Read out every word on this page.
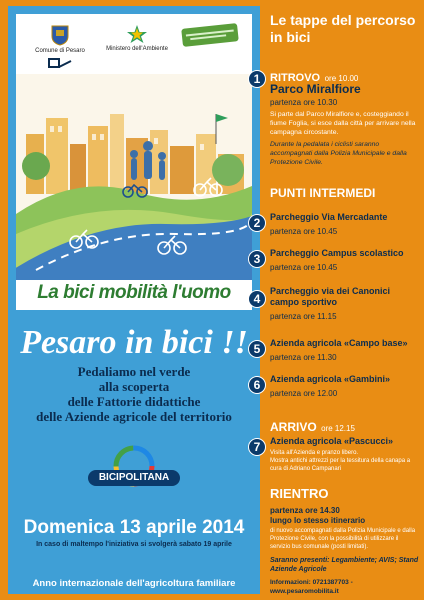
Comune di Pesaro	Ministero dell'Ambiente
La bici mobilità l'uomo
Pesaro in bici !!
Pedaliamo nel verde
alla scoperta
delle Fattorie didattiche
delle Aziende agricole del territorio
BICIPOLITANA
Domenica 13 aprile 2014
In caso di maltempo l'iniziativa si svolgerà sabato 19 aprile
Anno internazionale dell'agricoltura familiare
Le tappe del percorso in bici
1 RITROVO ore 10.00
Parco Miralfiore
partenza ore 10.30
Si parte dal Parco Miralfiore e, costeggiando il fiume Foglia, si esce dalla città per arrivare nella campagna circostante.
Durante la pedalata i ciclisti saranno accompagnati dalla Polizia Municipale e dalla Protezione Civile.
PUNTI INTERMEDI
2	Parcheggio Via Mercadante
partenza ore 10.45
3	Parcheggio Campus scolastico
partenza ore 10.45
4
Parcheggio via dei Canonici campo sportivo
partenza ore 11.15
5	Azienda agricola «Campo base»
partenza ore 11.30
6	Azienda agricola «Gambini»
partenza ore 12.00
ARRIVO ore 12.15
7	Azienda agricola «Pascucci»
Visita all'Azienda e pranzo libero.
Mostra antichi attrezzi per la tessitura della canapa a cura di Adriano Campanari
RIENTRO
partenza ore 14.30
lungo lo stesso itinerario
di nuovo accompagnati dalla Polizia Municipale e dalla Protezione Civile, con la possibilità di utilizzare il servizio bus comunale (posti limitati).
Saranno presenti: Legambiente; AVIS; Stand Aziende Agricole
Informazioni: 0721387703 - www.pesaromobilita.it
